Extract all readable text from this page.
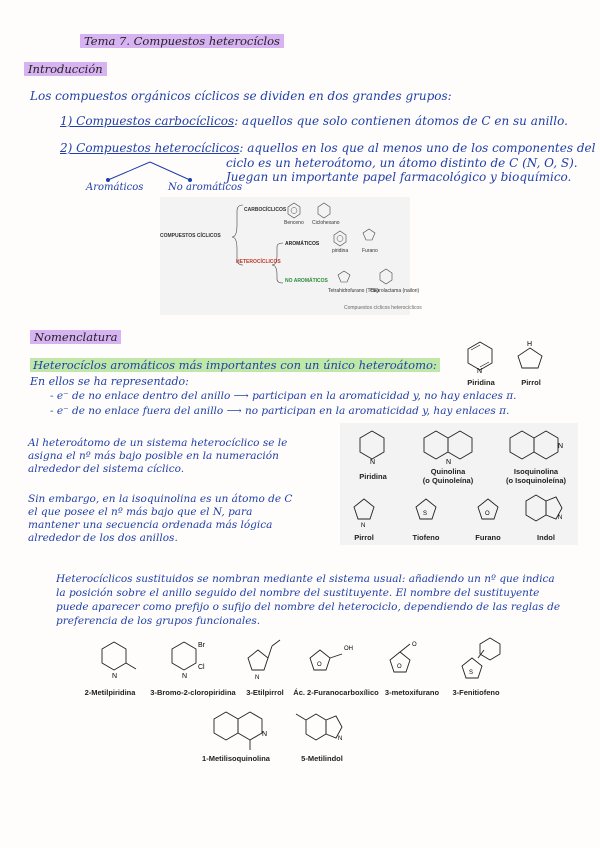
Tema 7. Compuestos heterocíclos
Introducción
Los compuestos orgánicos cíclicos se dividen en dos grandes grupos:
1) Compuestos carbocíclicos: aquellos que solo contienen átomos de C en su anillo.
2) Compuestos heterocíclicos: aquellos en los que al menos uno de los componentes del
ciclo es un heteroátomo, un átomo distinto de C (N, O, S).
Juegan un importante papel farmacológico y bioquímico.
Aromáticos No aromáticos
CARBOCÍCLICOS
COMPUESTOS CÍCLICOS
HETEROCÍCLICOS
AROMÁTICOS
NO AROMÁTICOS
Benceno Ciclohexano
piridina	Furano
Tetrahidrofurano (THF)
Caprolactama (nailon)
Compuestos cíclicos heterocíclicos
Nomenclatura
Heterocíclos aromáticos más importantes con un único heteroátomo:
En ellos se ha representado:
- e⁻ de no enlace dentro del anillo ⟶ participan en la aromaticidad y, no hay enlaces π.
- e⁻ de no enlace fuera del anillo ⟶ no participan en la aromaticidad y, hay enlaces π.
N
Piridina
H
Pirrol
Al heteroátomo de un sistema heterocíclico se le
asigna el nº más bajo posible en la numeración
alrededor del sistema cíclico.
Sin embargo, en la isoquinolina es un átomo de C
el que posee el nº más bajo que el N, para
mantener una secuencia ordenada más lógica
alrededor de los dos anillos.
N	N
N
N
S	O
N
Piridina
Quinolina
(o Quinoleína)
Isoquinolina
(o Isoquinoleína)
Pirrol	Tiofeno	Furano	Indol
Heterocíclicos sustituidos se nombran mediante el sistema usual: añadiendo un nº que indica
la posición sobre el anillo seguido del nombre del sustituyente. El nombre del sustituyente
puede aparecer como prefijo o sufijo del nombre del heterociclo, dependiendo de las reglas de
preferencia de los grupos funcionales.
N
Br
Cl
N	N
OH
O
O
O
S
2-Metilpiridina	3-Bromo-2-cloropiridina	3-Etilpirrol	Ác. 2-Furanocarboxílico 3-metoxifurano	3-Fenitiofeno
N
N
1-Metilisoquinolina	5-Metilindol
